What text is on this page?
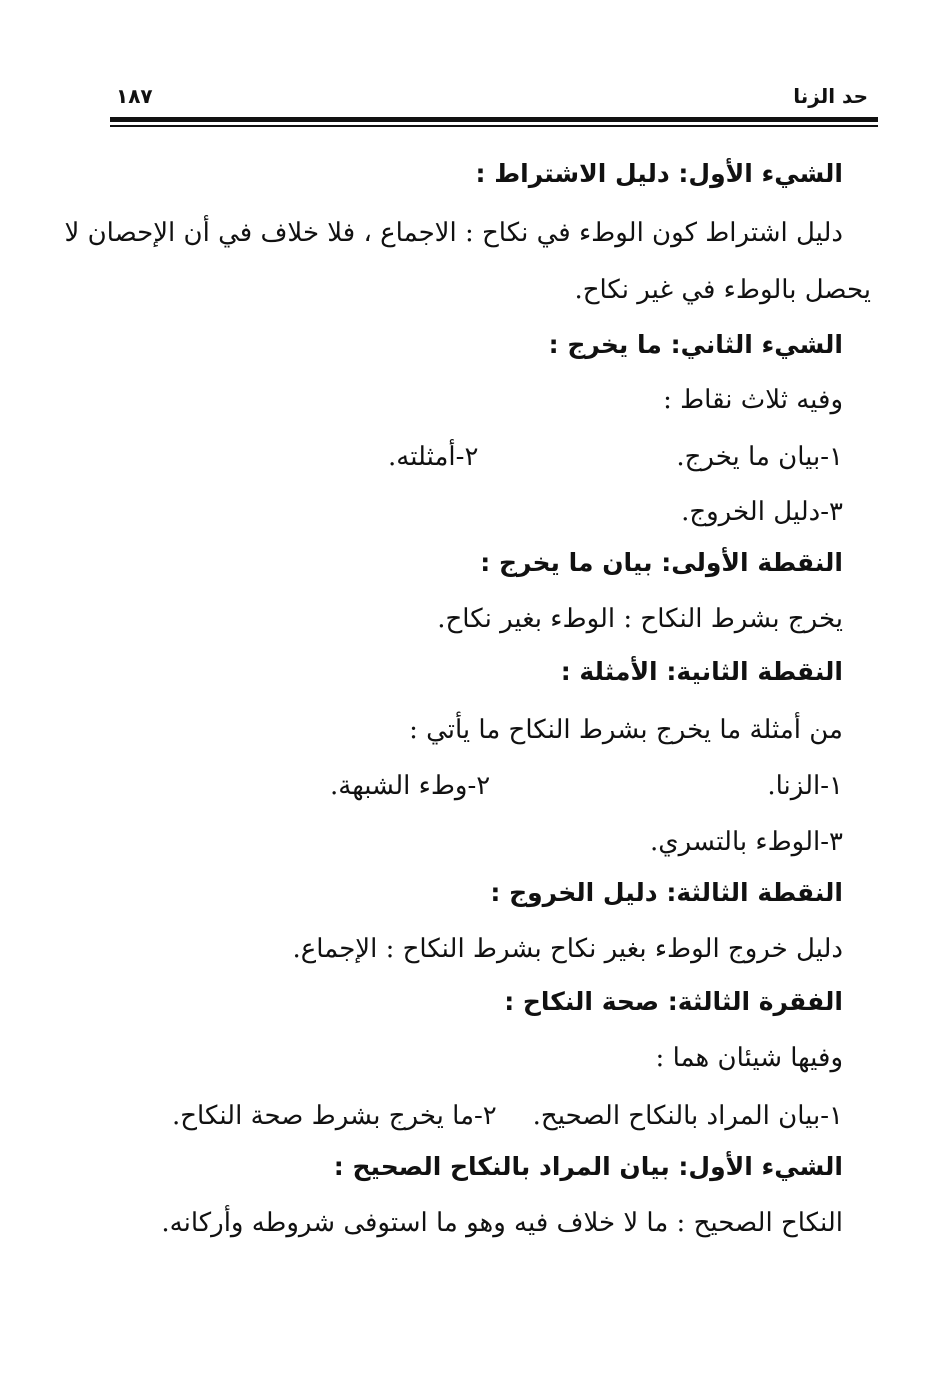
حد الزنا
١٨٧
الشيء الأول: دليل الاشتراط :
دليل اشتراط كون الوطء في نكاح : الاجماع ، فلا خلاف في أن الإحصان لا
يحصل بالوطء في غير نكاح.
الشيء الثاني: ما يخرج :
وفيه ثلاث نقاط :
١-بيان ما يخرج.
٢-أمثلته.
٣-دليل الخروج.
النقطة الأولى: بيان ما يخرج :
يخرج بشرط النكاح : الوطء بغير نكاح.
النقطة الثانية: الأمثلة :
من أمثلة ما يخرج بشرط النكاح ما يأتي :
١-الزنا.
٢-وطء الشبهة.
٣-الوطء بالتسري.
النقطة الثالثة: دليل الخروج :
دليل خروج الوطء بغير نكاح بشرط النكاح : الإجماع.
الفقرة الثالثة: صحة النكاح :
وفيها شيئان هما :
١-بيان المراد بالنكاح الصحيح.
٢-ما يخرج بشرط صحة النكاح.
الشيء الأول: بيان المراد بالنكاح الصحيح :
النكاح الصحيح : ما لا خلاف فيه وهو ما استوفى شروطه وأركانه.
